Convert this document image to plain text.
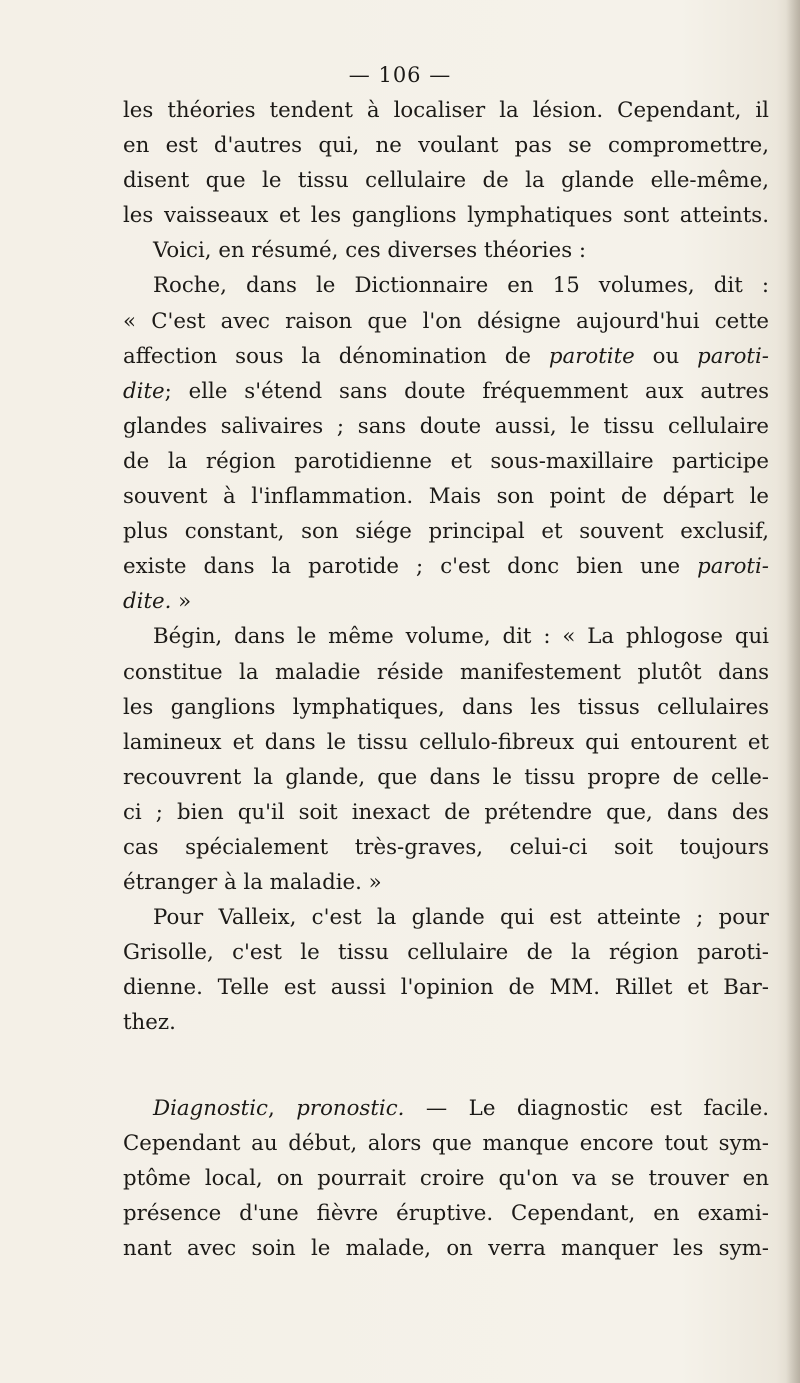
— 106 —
les théories tendent à localiser la lésion. Cependant, il
en est d'autres qui, ne voulant pas se compromettre,
disent que le tissu cellulaire de la glande elle-même,
les vaisseaux et les ganglions lymphatiques sont atteints.
Voici, en résumé, ces diverses théories :
Roche, dans le Dictionnaire en 15 volumes, dit :
« C'est avec raison que l'on désigne aujourd'hui cette
affection sous la dénomination de parotite ou paroti-
dite; elle s'étend sans doute fréquemment aux autres
glandes salivaires ; sans doute aussi, le tissu cellulaire
de la région parotidienne et sous-maxillaire participe
souvent à l'inflammation. Mais son point de départ le
plus constant, son siége principal et souvent exclusif,
existe dans la parotide ; c'est donc bien une paroti-
dite. »
Bégin, dans le même volume, dit : « La phlogose qui
constitue la maladie réside manifestement plutôt dans
les ganglions lymphatiques, dans les tissus cellulaires
lamineux et dans le tissu cellulo-fibreux qui entourent et
recouvrent la glande, que dans le tissu propre de celle-
ci ; bien qu'il soit inexact de prétendre que, dans des
cas spécialement très-graves, celui-ci soit toujours
étranger à la maladie. »
Pour Valleix, c'est la glande qui est atteinte ; pour
Grisolle, c'est le tissu cellulaire de la région paroti-
dienne. Telle est aussi l'opinion de MM. Rillet et Bar-
thez.
Diagnostic, pronostic. — Le diagnostic est facile.
Cependant au début, alors que manque encore tout sym-
ptôme local, on pourrait croire qu'on va se trouver en
présence d'une fièvre éruptive. Cependant, en exami-
nant avec soin le malade, on verra manquer les sym-
